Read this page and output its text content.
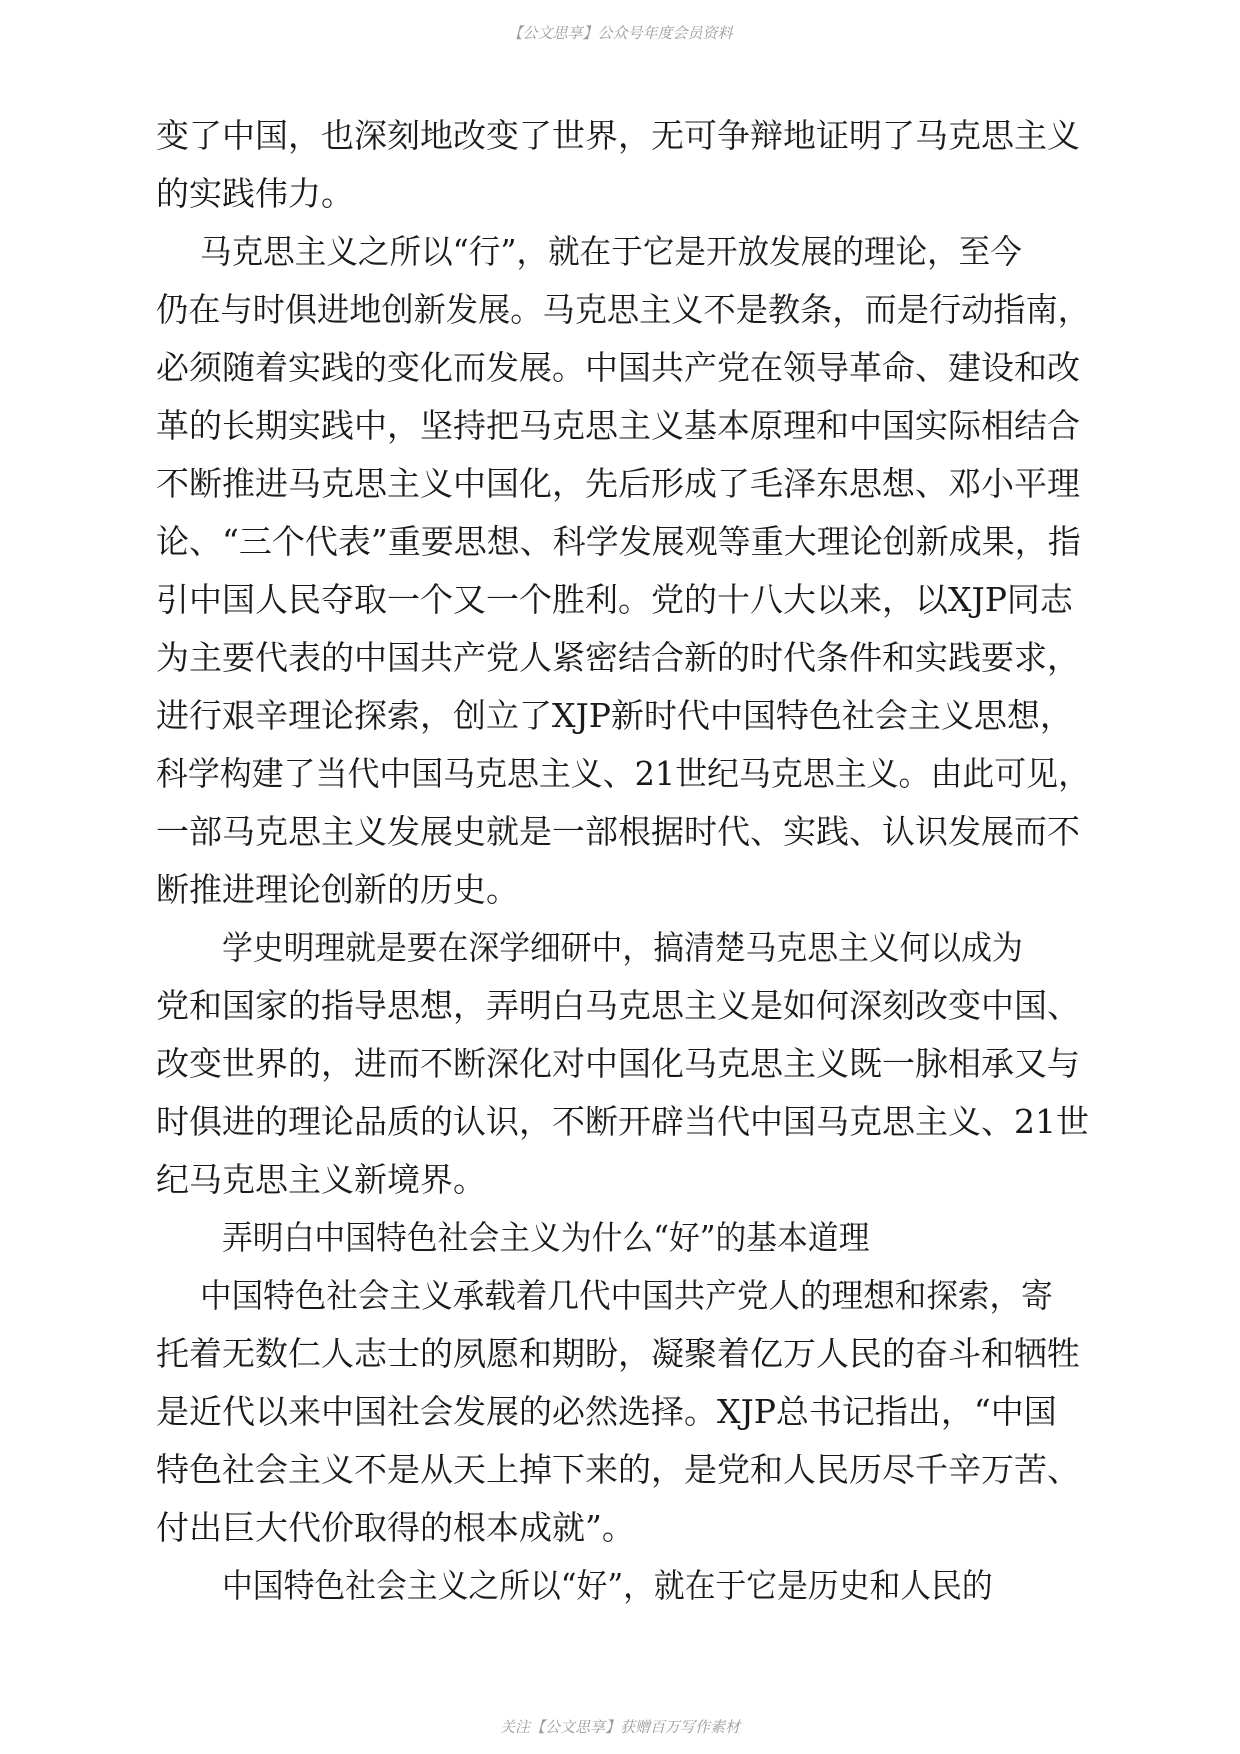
【公文思享】公众号年度会员资料
变了中国，也深刻地改变了世界，无可争辩地证明了马克思主义
的实践伟力。
马克思主义之所以“行”，就在于它是开放发展的理论，至今
仍在与时俱进地创新发展。马克思主义不是教条，而是行动指南，
必须随着实践的变化而发展。中国共产党在领导革命、建设和改
革的长期实践中，坚持把马克思主义基本原理和中国实际相结合
不断推进马克思主义中国化，先后形成了毛泽东思想、邓小平理
论、“三个代表”重要思想、科学发展观等重大理论创新成果，指
引中国人民夺取一个又一个胜利。党的十八大以来，以XJP同志
为主要代表的中国共产党人紧密结合新的时代条件和实践要求，
进行艰辛理论探索，创立了XJP新时代中国特色社会主义思想，
科学构建了当代中国马克思主义、21世纪马克思主义。由此可见，
一部马克思主义发展史就是一部根据时代、实践、认识发展而不
断推进理论创新的历史。
学史明理就是要在深学细研中，搞清楚马克思主义何以成为
党和国家的指导思想，弄明白马克思主义是如何深刻改变中国、
改变世界的，进而不断深化对中国化马克思主义既一脉相承又与
时俱进的理论品质的认识，不断开辟当代中国马克思主义、21世
纪马克思主义新境界。
弄明白中国特色社会主义为什么“好”的基本道理
中国特色社会主义承载着几代中国共产党人的理想和探索，寄
托着无数仁人志士的夙愿和期盼，凝聚着亿万人民的奋斗和牺牲
是近代以来中国社会发展的必然选择。XJP总书记指出，“中国
特色社会主义不是从天上掉下来的，是党和人民历尽千辛万苦、
付出巨大代价取得的根本成就”。
中国特色社会主义之所以“好”，就在于它是历史和人民的
关注【公文思享】获赠百万写作素材
